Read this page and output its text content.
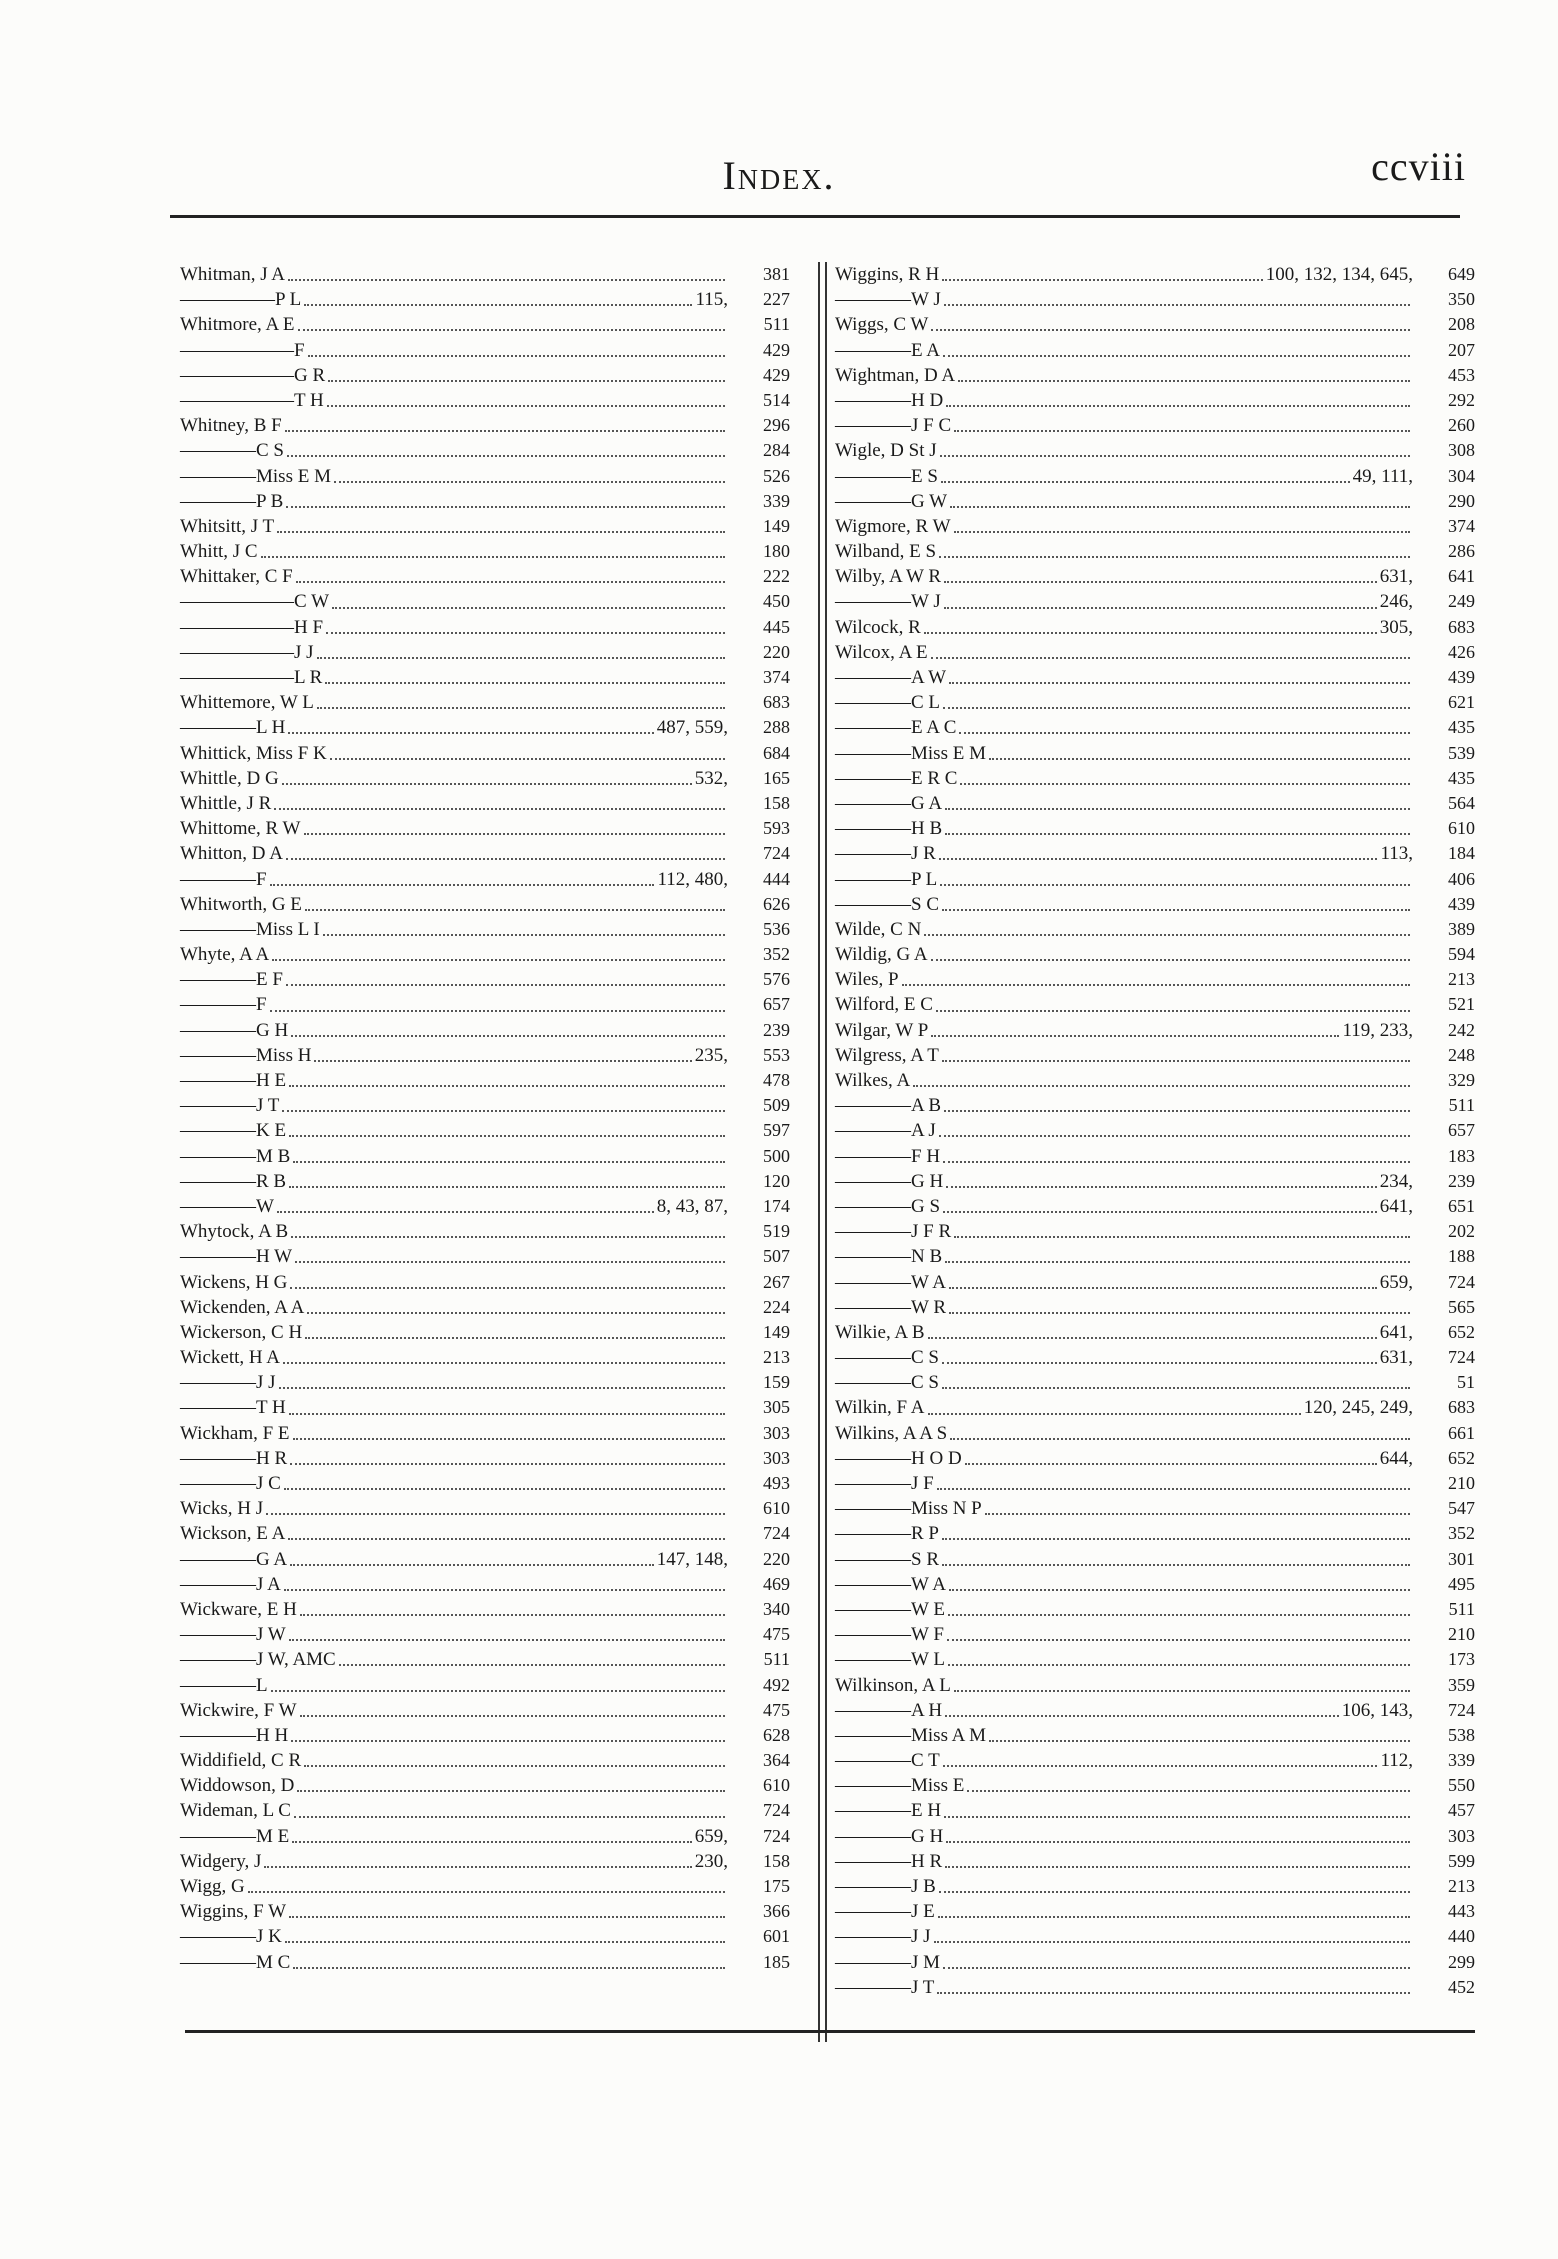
Index.	ccviii
Whitman, J A	381
—————P L	115,	227
Whitmore, A E	511
——————F	429
——————G R	429
——————T H	514
Whitney, B F	296
————C S	284
————Miss E M	526
————P B	339
Whitsitt, J T	149
Whitt, J C	180
Whittaker, C F	222
——————C W	450
——————H F	445
——————J J	220
——————L R	374
Whittemore, W L	683
————L H	487, 559,	288
Whittick, Miss F K	684
Whittle, D G	532,	165
Whittle, J R	158
Whittome, R W	593
Whitton, D A	724
————F	112, 480,	444
Whitworth, G E	626
————Miss L I	536
Whyte, A A	352
————E F	576
————F	657
————G H	239
————Miss H	235,	553
————H E	478
————J T	509
————K E	597
————M B	500
————R B	120
————W	8, 43, 87,	174
Whytock, A B	519
————H W	507
Wickens, H G	267
Wickenden, A A	224
Wickerson, C H	149
Wickett, H A	213
————J J	159
————T H	305
Wickham, F E	303
————H R	303
————J C	493
Wicks, H J	610
Wickson, E A	724
————G A	147, 148,	220
————J A	469
Wickware, E H	340
————J W	475
————J W, AMC	511
————L	492
Wickwire, F W	475
————H H	628
Widdifield, C R	364
Widdowson, D	610
Wideman, L C	724
————M E	659,	724
Widgery, J	230,	158
Wigg, G	175
Wiggins, F W	366
————J K	601
————M C	185
Wiggins, R H	100, 132, 134, 645,	649
————W J	350
Wiggs, C W	208
————E A	207
Wightman, D A	453
————H D	292
————J F C	260
Wigle, D St J	308
————E S	49, 111,	304
————G W	290
Wigmore, R W	374
Wilband, E S	286
Wilby, A W R	631,	641
————W J	246,	249
Wilcock, R	305,	683
Wilcox, A E	426
————A W	439
————C L	621
————E A C	435
————Miss E M	539
————E R C	435
————G A	564
————H B	610
————J R	113,	184
————P L	406
————S C	439
Wilde, C N	389
Wildig, G A	594
Wiles, P	213
Wilford, E C	521
Wilgar, W P	119, 233,	242
Wilgress, A T	248
Wilkes, A	329
————A B	511
————A J	657
————F H	183
————G H	234,	239
————G S	641,	651
————J F R	202
————N B	188
————W A	659,	724
————W R	565
Wilkie, A B	641,	652
————C S	631,	724
————C S	51
Wilkin, F A	120, 245, 249,	683
Wilkins, A A S	661
————H O D	644,	652
————J F	210
————Miss N P	547
————R P	352
————S R	301
————W A	495
————W E	511
————W F	210
————W L	173
Wilkinson, A L	359
————A H	106, 143,	724
————Miss A M	538
————C T	112,	339
————Miss E	550
————E H	457
————G H	303
————H R	599
————J B	213
————J E	443
————J J	440
————J M	299
————J T	452
